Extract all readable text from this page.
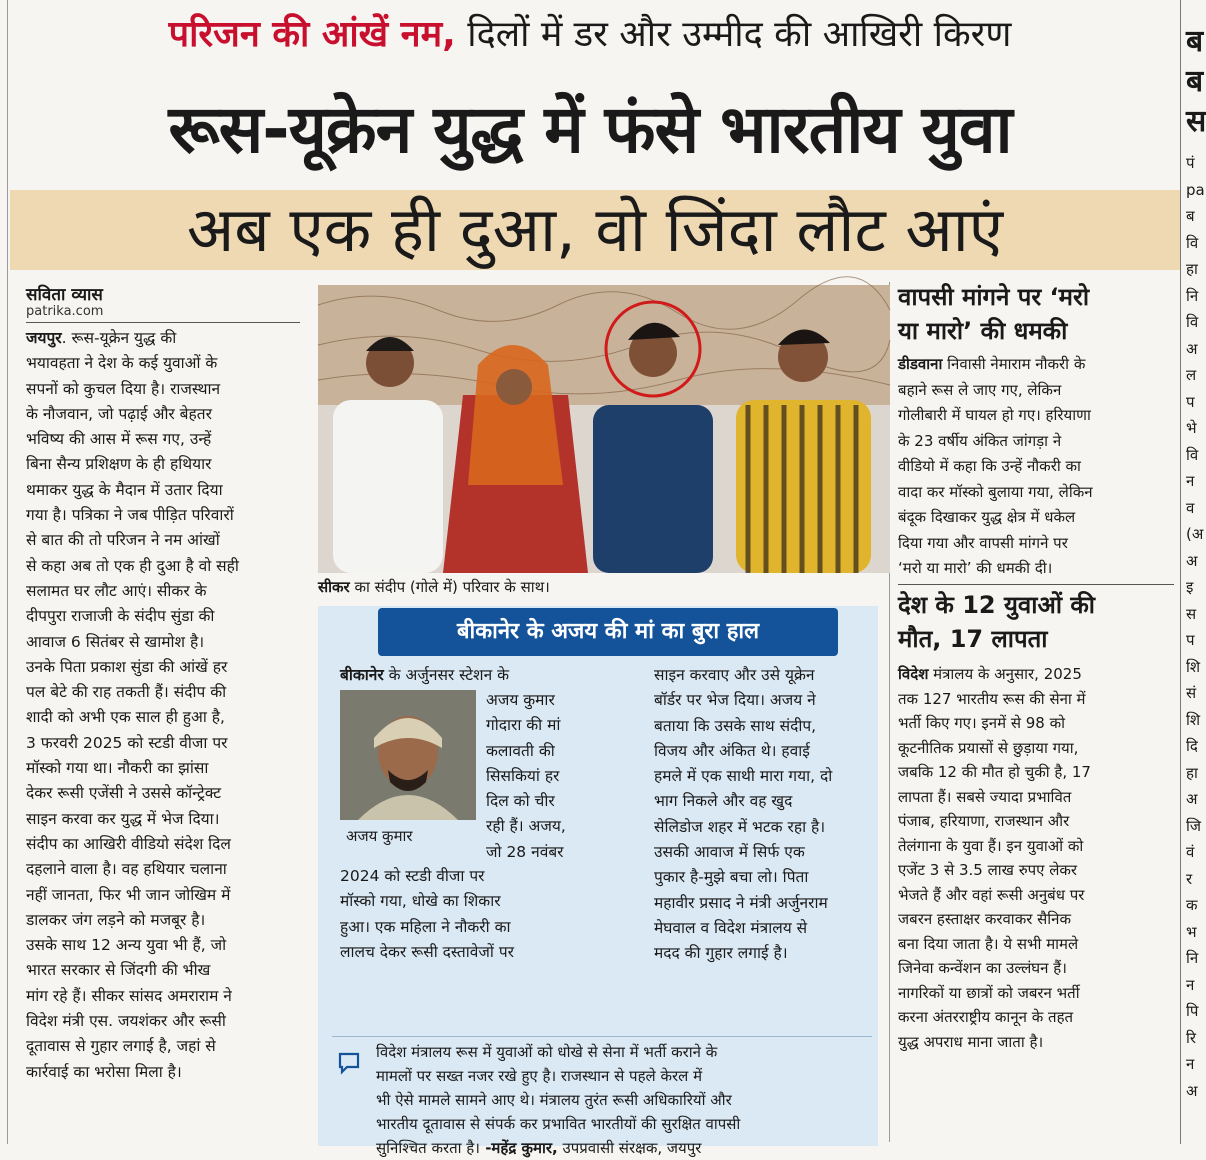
परिजन की आंखें नम, दिलों में डर और उम्मीद की आखिरी किरण
रूस-यूक्रेन युद्ध में फंसे भारतीय युवा
अब एक ही दुआ, वो जिंदा लौट आएं
सविता व्यास
patrika.com
जयपुर. रूस-यूक्रेन युद्ध की
भयावहता ने देश के कई युवाओं के
सपनों को कुचल दिया है। राजस्थान
के नौजवान, जो पढ़ाई और बेहतर
भविष्य की आस में रूस गए, उन्हें
बिना सैन्य प्रशिक्षण के ही हथियार
थमाकर युद्ध के मैदान में उतार दिया
गया है। पत्रिका ने जब पीड़ित परिवारों
से बात की तो परिजन ने नम आंखों
से कहा अब तो एक ही दुआ है वो सही
सलामत घर लौट आएं। सीकर के
दीपपुरा राजाजी के संदीप सुंडा की
आवाज 6 सितंबर से खामोश है।
उनके पिता प्रकाश सुंडा की आंखें हर
पल बेटे की राह तकती हैं। संदीप की
शादी को अभी एक साल ही हुआ है,
3 फरवरी 2025 को स्टडी वीजा पर
मॉस्को गया था। नौकरी का झांसा
देकर रूसी एजेंसी ने उससे कॉन्ट्रेक्ट
साइन करवा कर युद्ध में भेज दिया।
संदीप का आखिरी वीडियो संदेश दिल
दहलाने वाला है। वह हथियार चलाना
नहीं जानता, फिर भी जान जोखिम में
डालकर जंग लड़ने को मजबूर है।
उसके साथ 12 अन्य युवा भी हैं, जो
भारत सरकार से जिंदगी की भीख
मांग रहे हैं। सीकर सांसद अमराराम ने
विदेश मंत्री एस. जयशंकर और रूसी
दूतावास से गुहार लगाई है, जहां से
कार्रवाई का भरोसा मिला है।
सीकर का संदीप (गोले में) परिवार के साथ।
बीकानेर के अजय की मां का बुरा हाल
बीकानेर के अर्जुनसर स्टेशन के
अजय कुमार
अजय कुमार
गोदारा की मां
कलावती की
सिसकियां हर
दिल को चीर
रही हैं। अजय,
जो 28 नवंबर
2024 को स्टडी वीजा पर
मॉस्को गया, धोखे का शिकार
हुआ। एक महिला ने नौकरी का
लालच देकर रूसी दस्तावेजों पर
साइन करवाए और उसे यूक्रेन
बॉर्डर पर भेज दिया। अजय ने
बताया कि उसके साथ संदीप,
विजय और अंकित थे। हवाई
हमले में एक साथी मारा गया, दो
भाग निकले और वह खुद
सेलिडोज शहर में भटक रहा है।
उसकी आवाज में सिर्फ एक
पुकार है-मुझे बचा लो। पिता
महावीर प्रसाद ने मंत्री अर्जुनराम
मेघवाल व विदेश मंत्रालय से
मदद की गुहार लगाई है।
विदेश मंत्रालय रूस में युवाओं को धोखे से सेना में भर्ती कराने के
मामलों पर सख्त नजर रखे हुए है। राजस्थान से पहले केरल में
भी ऐसे मामले सामने आए थे। मंत्रालय तुरंत रूसी अधिकारियों और
भारतीय दूतावास से संपर्क कर प्रभावित भारतीयों की सुरक्षित वापसी
सुनिश्चित करता है। -महेंद्र कुमार, उपप्रवासी संरक्षक, जयपुर
वापसी मांगने पर ‘मरो
या मारो’ की धमकी
डीडवाना निवासी नेमाराम नौकरी के
बहाने रूस ले जाए गए, लेकिन
गोलीबारी में घायल हो गए। हरियाणा
के 23 वर्षीय अंकित जांगड़ा ने
वीडियो में कहा कि उन्हें नौकरी का
वादा कर मॉस्को बुलाया गया, लेकिन
बंदूक दिखाकर युद्ध क्षेत्र में धकेल
दिया गया और वापसी मांगने पर
‘मरो या मारो’ की धमकी दी।
देश के 12 युवाओं की
मौत, 17 लापता
विदेश मंत्रालय के अनुसार, 2025
तक 127 भारतीय रूस की सेना में
भर्ती किए गए। इनमें से 98 को
कूटनीतिक प्रयासों से छुड़ाया गया,
जबकि 12 की मौत हो चुकी है, 17
लापता हैं। सबसे ज्यादा प्रभावित
पंजाब, हरियाणा, राजस्थान और
तेलंगाना के युवा हैं। इन युवाओं को
एजेंट 3 से 3.5 लाख रुपए लेकर
भेजते हैं और वहां रूसी अनुबंध पर
जबरन हस्ताक्षर करवाकर सैनिक
बना दिया जाता है। ये सभी मामले
जिनेवा कन्वेंशन का उल्लंघन हैं।
नागरिकों या छात्रों को जबरन भर्ती
करना अंतरराष्ट्रीय कानून के तहत
युद्ध अपराध माना जाता है।
ब
ब
स
पं
pa
ब
वि
हा
नि
वि
अ
ल
प
भे
वि
न
व
(अ
अ
इ
स
प
शि
सं
शि
दि
हा
अ
जि
वं
र
क
भ
नि
न
पि
रि
न
अ
